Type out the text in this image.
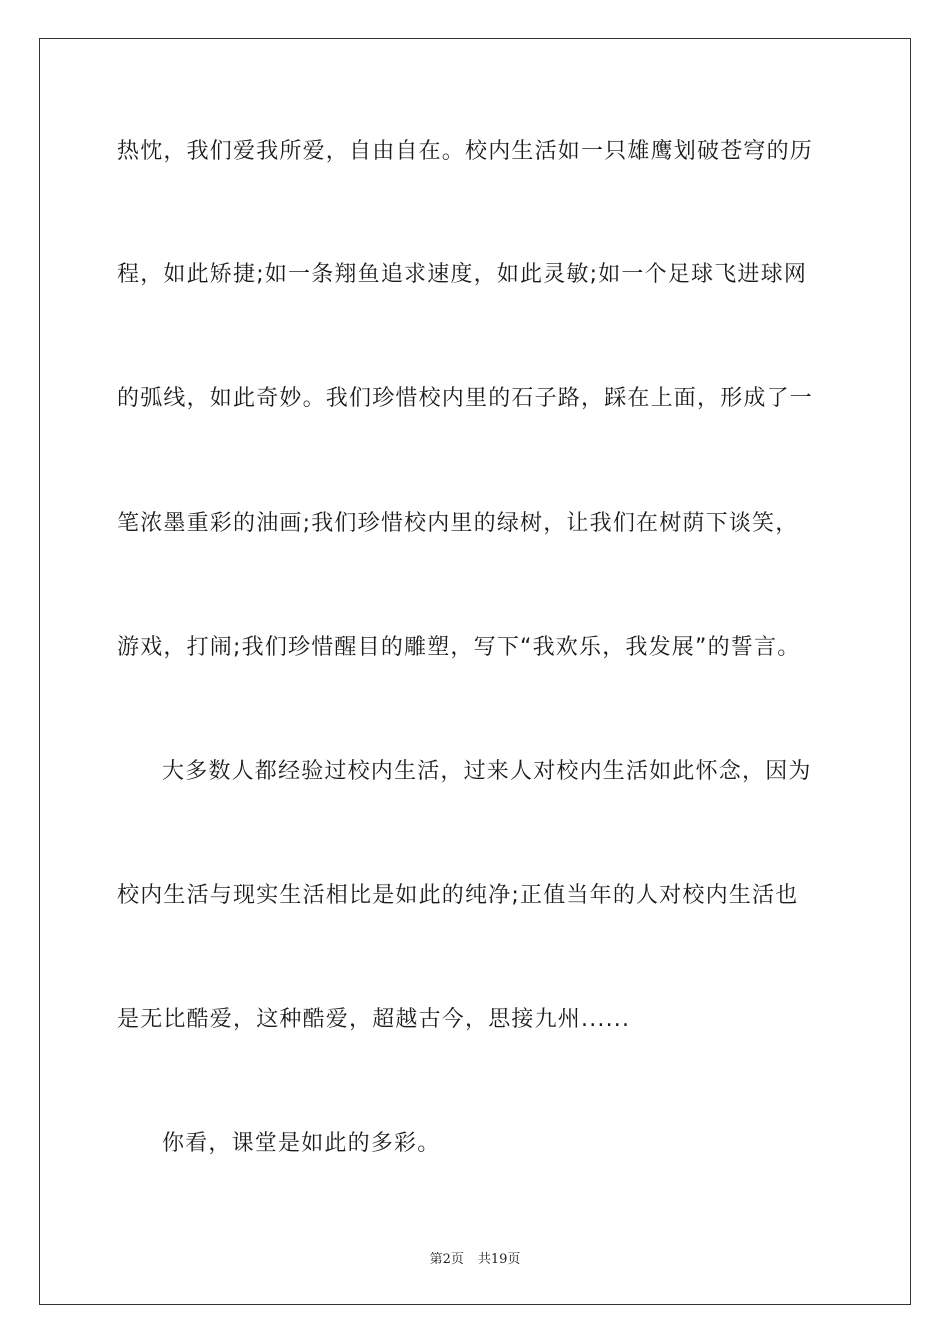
热忱，我们爱我所爱，自由自在。校内生活如一只雄鹰划破苍穹的历
程，如此矫捷;如一条翔鱼追求速度，如此灵敏;如一个足球飞进球网
的弧线，如此奇妙。我们珍惜校内里的石子路，踩在上面，形成了一
笔浓墨重彩的油画;我们珍惜校内里的绿树，让我们在树荫下谈笑，
游戏，打闹;我们珍惜醒目的雕塑，写下“我欢乐，我发展”的誓言。
大多数人都经验过校内生活，过来人对校内生活如此怀念，因为
校内生活与现实生活相比是如此的纯净;正值当年的人对校内生活也
是无比酷爱，这种酷爱，超越古今，思接九州......
你看，课堂是如此的多彩。
第2页 共19页
